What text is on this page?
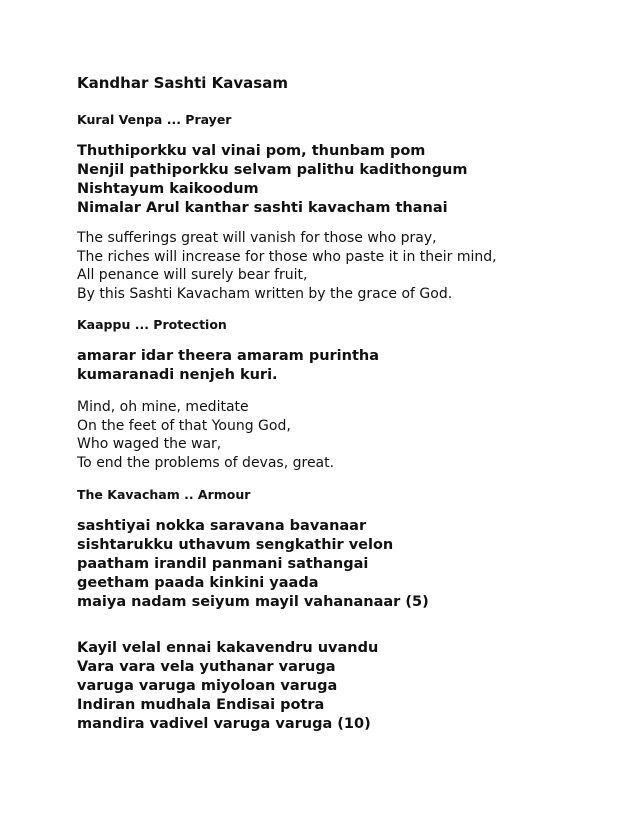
Kandhar Sashti Kavasam
Kural Venpa ... Prayer
Thuthiporkku val vinai pom, thunbam pom
Nenjil pathiporkku selvam palithu kadithongum
Nishtayum kaikoodum
Nimalar Arul kanthar sashti kavacham thanai
The sufferings great will vanish for those who pray,
The riches will increase for those who paste it in their mind,
All penance will surely bear fruit,
By this Sashti Kavacham written by the grace of God.
Kaappu ... Protection
amarar idar theera amaram purintha
kumaranadi nenjeh kuri.
Mind, oh mine, meditate
On the feet of that Young God,
Who waged the war,
To end the problems of devas, great.
The Kavacham .. Armour
sashtiyai nokka saravana bavanaar
sishtarukku uthavum sengkathir velon
paatham irandil panmani sathangai
geetham paada kinkini yaada
maiya nadam seiyum mayil vahananaar (5)
Kayil velal ennai kakavendru uvandu
Vara vara vela yuthanar varuga
varuga varuga miyoloan varuga
Indiran mudhala Endisai potra
mandira vadivel varuga varuga (10)
